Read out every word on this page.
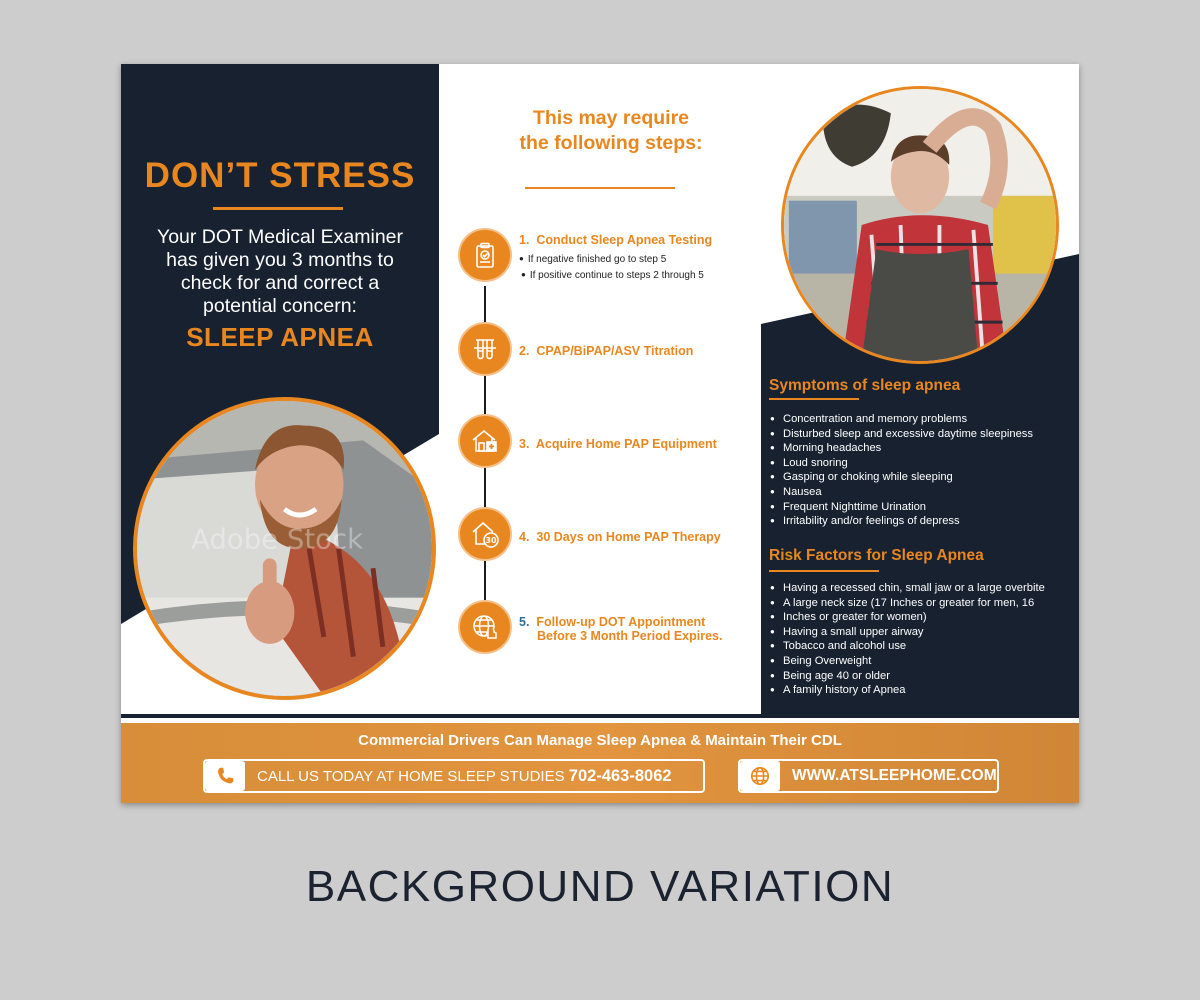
DON’T STRESS
Your DOT Medical Examiner
has given you 3 months to
check for and correct a
potential concern:
SLEEP APNEA
Adobe Stock
This may require
the following steps:
1. Conduct Sleep Apnea Testing
● If negative finished go to step 5
● If positive continue to steps 2 through 5
2. CPAP/BiPAP/ASV Titration
3. Acquire Home PAP Equipment
30 4. 30 Days on Home PAP Therapy
5. Follow-up DOT Appointment
Before 3 Month Period Expires.
Symptoms of sleep apnea
● Concentration and memory problems
● Disturbed sleep and excessive daytime sleepiness
● Morning headaches
● Loud snoring
● Gasping or choking while sleeping
● Nausea
● Frequent Nighttime Urination
● Irritability and/or feelings of depress
Risk Factors for Sleep Apnea
● Having a recessed chin, small jaw or a large overbite
● A large neck size (17 Inches or greater for men, 16
● Inches or greater for women)
● Having a small upper airway
● Tobacco and alcohol use
● Being Overweight
● Being age 40 or older
● A family history of Apnea
Commercial Drivers Can Manage Sleep Apnea & Maintain Their CDL
CALL US TODAY AT HOME SLEEP STUDIES 702-463-8062	WWW.ATSLEEPHOME.COM
BACKGROUND VARIATION
